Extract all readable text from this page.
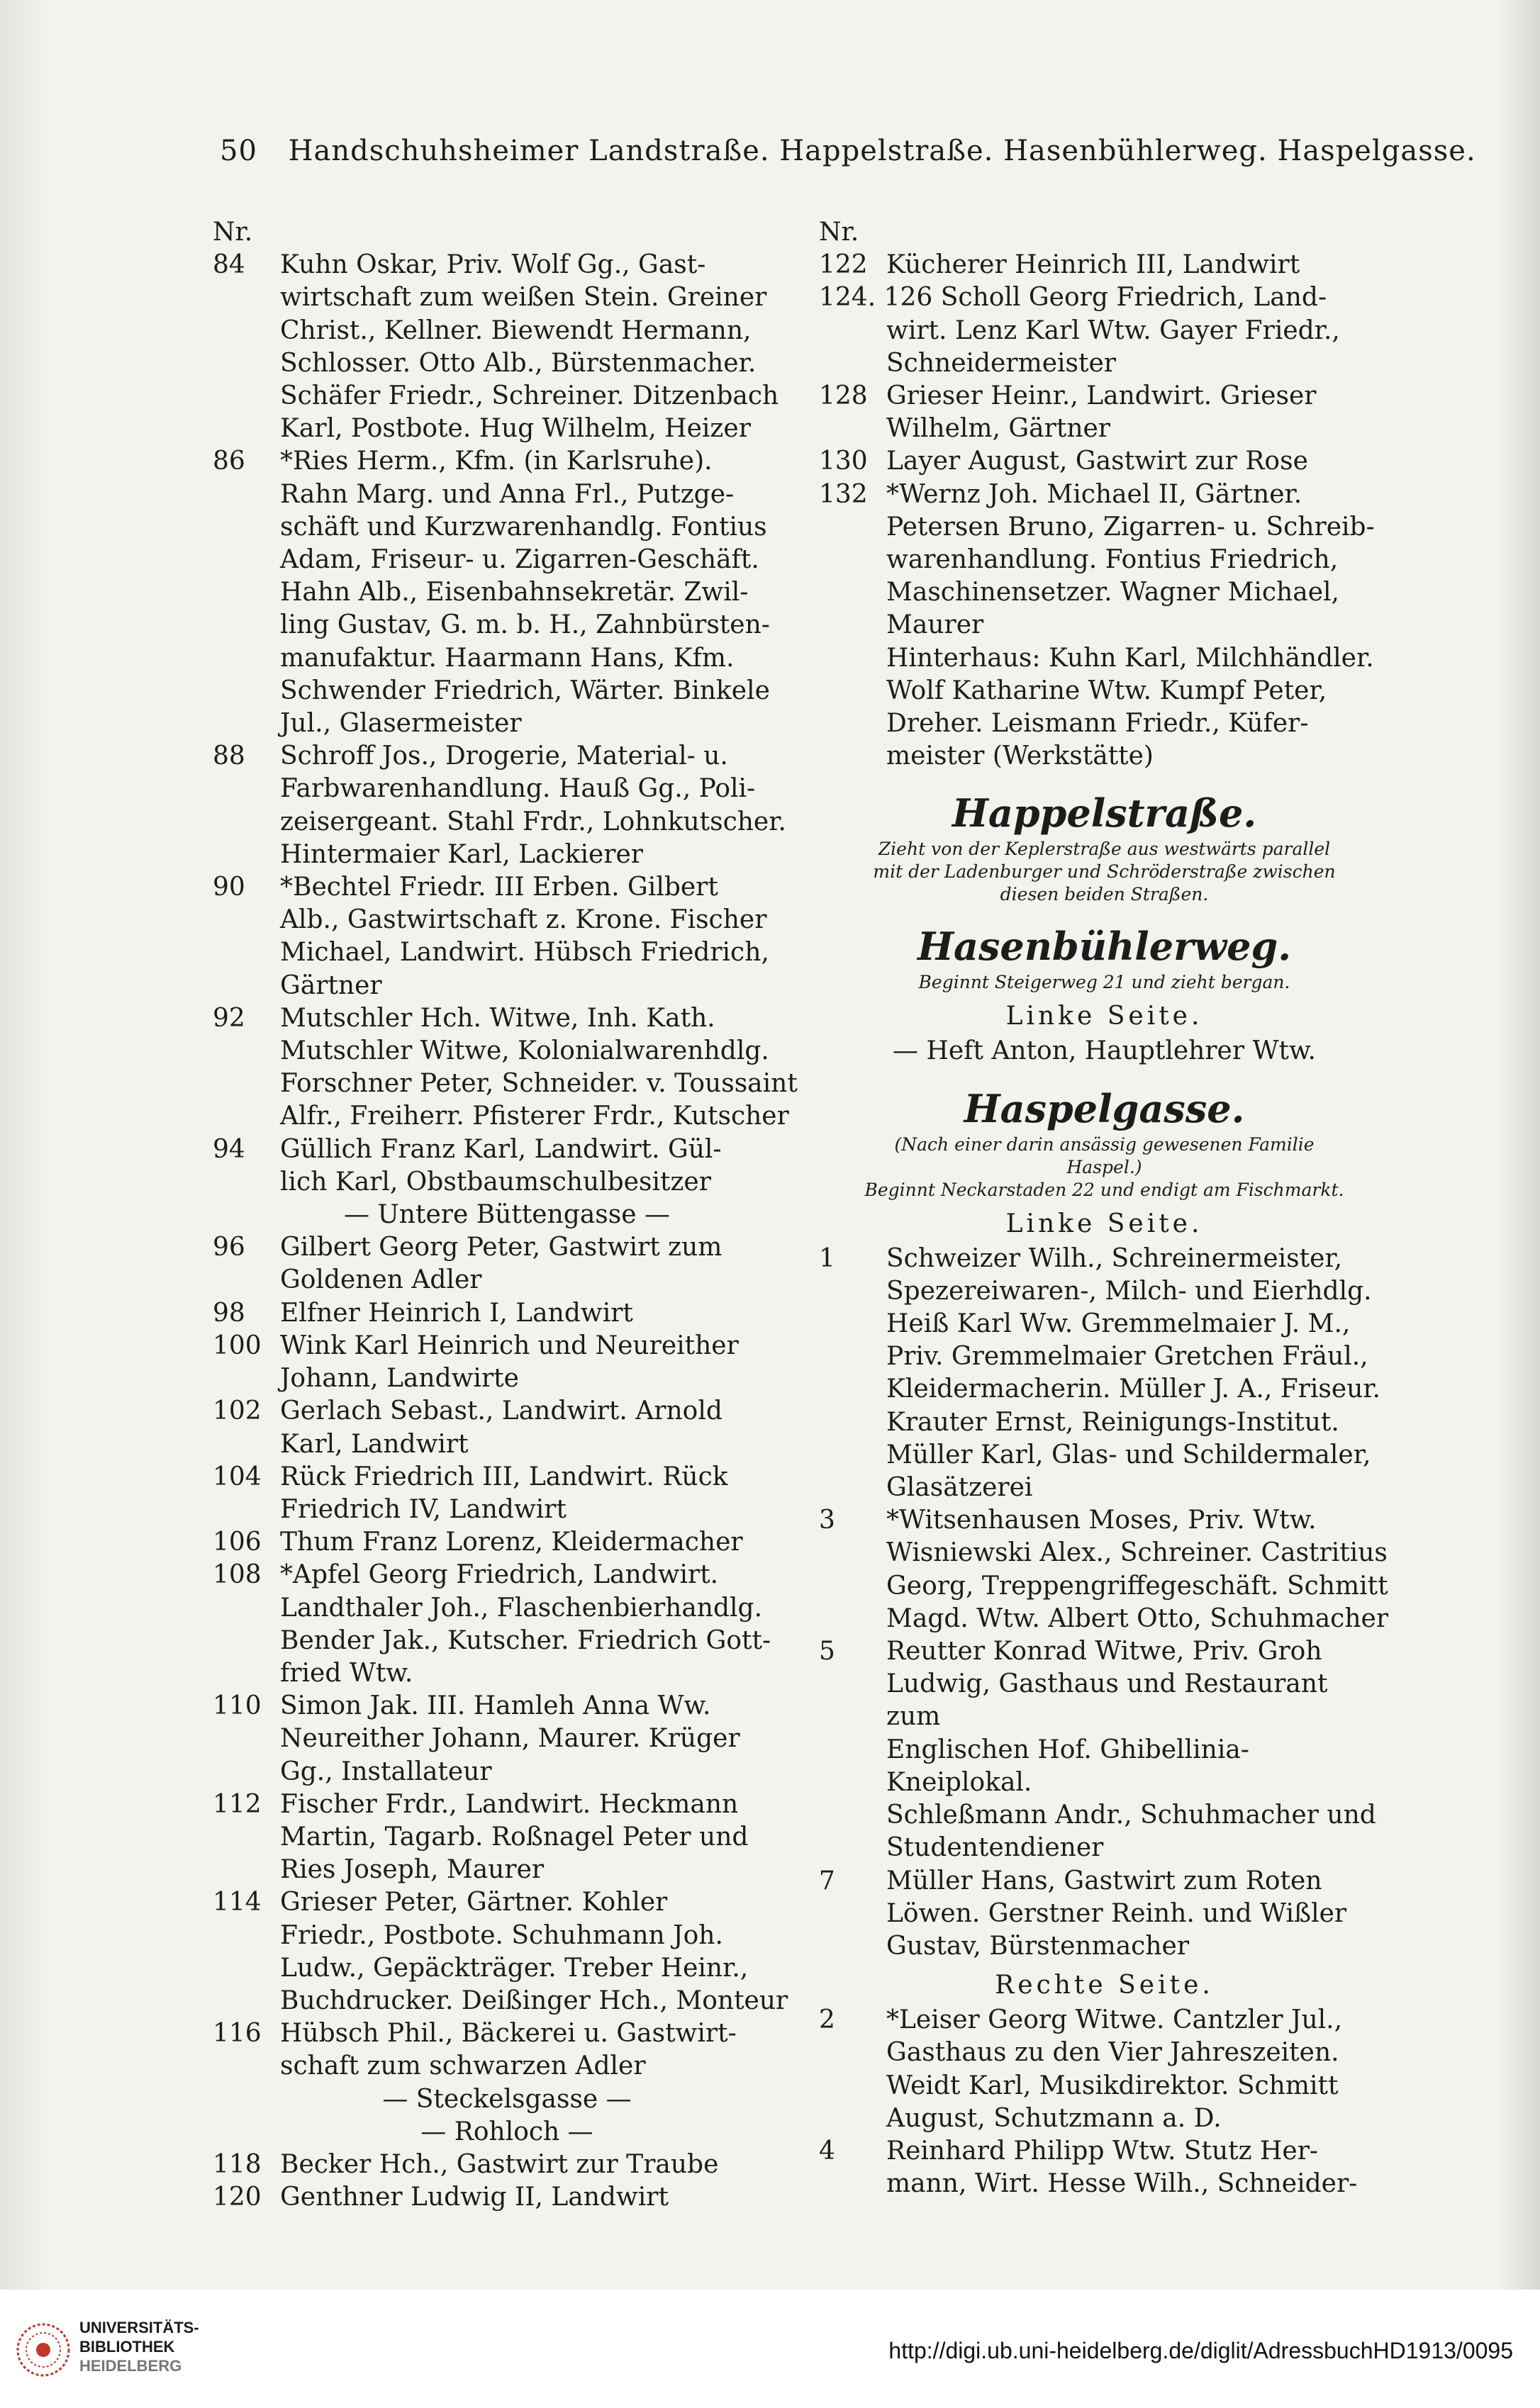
50 Handschuhsheimer Landstraße. Happelstraße. Hasenbühlerweg. Haspelgasse.
Nr.
84 Kuhn Oskar, Priv. Wolf Gg., Gast-
wirtschaft zum weißen Stein. Greiner
Christ., Kellner. Biewendt Hermann,
Schlosser. Otto Alb., Bürstenmacher.
Schäfer Friedr., Schreiner. Ditzenbach
Karl, Postbote. Hug Wilhelm, Heizer
86 *Ries Herm., Kfm. (in Karlsruhe).
Rahn Marg. und Anna Frl., Putzge-
schäft und Kurzwarenhandlg. Fontius
Adam, Friseur- u. Zigarren-Geschäft.
Hahn Alb., Eisenbahnsekretär. Zwil-
ling Gustav, G. m. b. H., Zahnbürsten-
manufaktur. Haarmann Hans, Kfm.
Schwender Friedrich, Wärter. Binkele
Jul., Glasermeister
88 Schroff Jos., Drogerie, Material- u.
Farbwarenhandlung. Hauß Gg., Poli-
zeisergeant. Stahl Frdr., Lohnkutscher.
Hintermaier Karl, Lackierer
90 *Bechtel Friedr. III Erben. Gilbert
Alb., Gastwirtschaft z. Krone. Fischer
Michael, Landwirt. Hübsch Friedrich,
Gärtner
92 Mutschler Hch. Witwe, Inh. Kath.
Mutschler Witwe, Kolonialwarenhdlg.
Forschner Peter, Schneider. v. Toussaint
Alfr., Freiherr. Pfisterer Frdr., Kutscher
94 Güllich Franz Karl, Landwirt. Gül-
lich Karl, Obstbaumschulbesitzer
— Untere Büttengasse —
96 Gilbert Georg Peter, Gastwirt zum
Goldenen Adler
98 Elfner Heinrich I, Landwirt
100 Wink Karl Heinrich und Neureither
Johann, Landwirte
102 Gerlach Sebast., Landwirt. Arnold
Karl, Landwirt
104 Rück Friedrich III, Landwirt. Rück
Friedrich IV, Landwirt
106 Thum Franz Lorenz, Kleidermacher
108 *Apfel Georg Friedrich, Landwirt.
Landthaler Joh., Flaschenbierhandlg.
Bender Jak., Kutscher. Friedrich Gott-
fried Wtw.
110 Simon Jak. III. Hamleh Anna Ww.
Neureither Johann, Maurer. Krüger
Gg., Installateur
112 Fischer Frdr., Landwirt. Heckmann
Martin, Tagarb. Roßnagel Peter und
Ries Joseph, Maurer
114 Grieser Peter, Gärtner. Kohler
Friedr., Postbote. Schuhmann Joh.
Ludw., Gepäckträger. Treber Heinr.,
Buchdrucker. Deißinger Hch., Monteur
116 Hübsch Phil., Bäckerei u. Gastwirt-
schaft zum schwarzen Adler
— Steckelsgasse —
— Rohloch —
118 Becker Hch., Gastwirt zur Traube
120 Genthner Ludwig II, Landwirt
Nr.
122 Kücherer Heinrich III, Landwirt
124. 126 Scholl Georg Friedrich, Land-
wirt. Lenz Karl Wtw. Gayer Friedr.,
Schneidermeister
128 Grieser Heinr., Landwirt. Grieser
Wilhelm, Gärtner
130 Layer August, Gastwirt zur Rose
132 *Wernz Joh. Michael II, Gärtner.
Petersen Bruno, Zigarren- u. Schreib-
warenhandlung. Fontius Friedrich,
Maschinensetzer. Wagner Michael,
Maurer
Hinterhaus: Kuhn Karl, Milchhändler.
Wolf Katharine Wtw. Kumpf Peter,
Dreher. Leismann Friedr., Küfer-
meister (Werkstätte)
Happelstraße.
Zieht von der Keplerstraße aus westwärts parallel
mit der Ladenburger und Schröderstraße zwischen
diesen beiden Straßen.
Hasenbühlerweg.
Beginnt Steigerweg 21 und zieht bergan.
Linke Seite.
— Heft Anton, Hauptlehrer Wtw.
Haspelgasse.
(Nach einer darin ansässig gewesenen Familie
Haspel.)
Beginnt Neckarstaden 22 und endigt am Fischmarkt.
Linke Seite.
1 Schweizer Wilh., Schreinermeister,
Spezereiwaren-, Milch- und Eierhdlg.
Heiß Karl Ww. Gremmelmaier J. M.,
Priv. Gremmelmaier Gretchen Fräul.,
Kleidermacherin. Müller J. A., Friseur.
Krauter Ernst, Reinigungs-Institut.
Müller Karl, Glas- und Schildermaler,
Glasätzerei
3 *Witsenhausen Moses, Priv. Wtw.
Wisniewski Alex., Schreiner. Castritius
Georg, Treppengriffegeschäft. Schmitt
Magd. Wtw. Albert Otto, Schuhmacher
5 Reutter Konrad Witwe, Priv. Groh
Ludwig, Gasthaus und Restaurant zum
Englischen Hof. Ghibellinia-Kneiplokal.
Schleßmann Andr., Schuhmacher und
Studentendiener
7 Müller Hans, Gastwirt zum Roten
Löwen. Gerstner Reinh. und Wißler
Gustav, Bürstenmacher
Rechte Seite.
2 *Leiser Georg Witwe. Cantzler Jul.,
Gasthaus zu den Vier Jahreszeiten.
Weidt Karl, Musikdirektor. Schmitt
August, Schutzmann a. D.
4 Reinhard Philipp Wtw. Stutz Her-
mann, Wirt. Hesse Wilh., Schneider-
UNIVERSITÄTS-
BIBLIOTHEK
HEIDELBERG
http://digi.ub.uni-heidelberg.de/diglit/AdressbuchHD1913/0095
